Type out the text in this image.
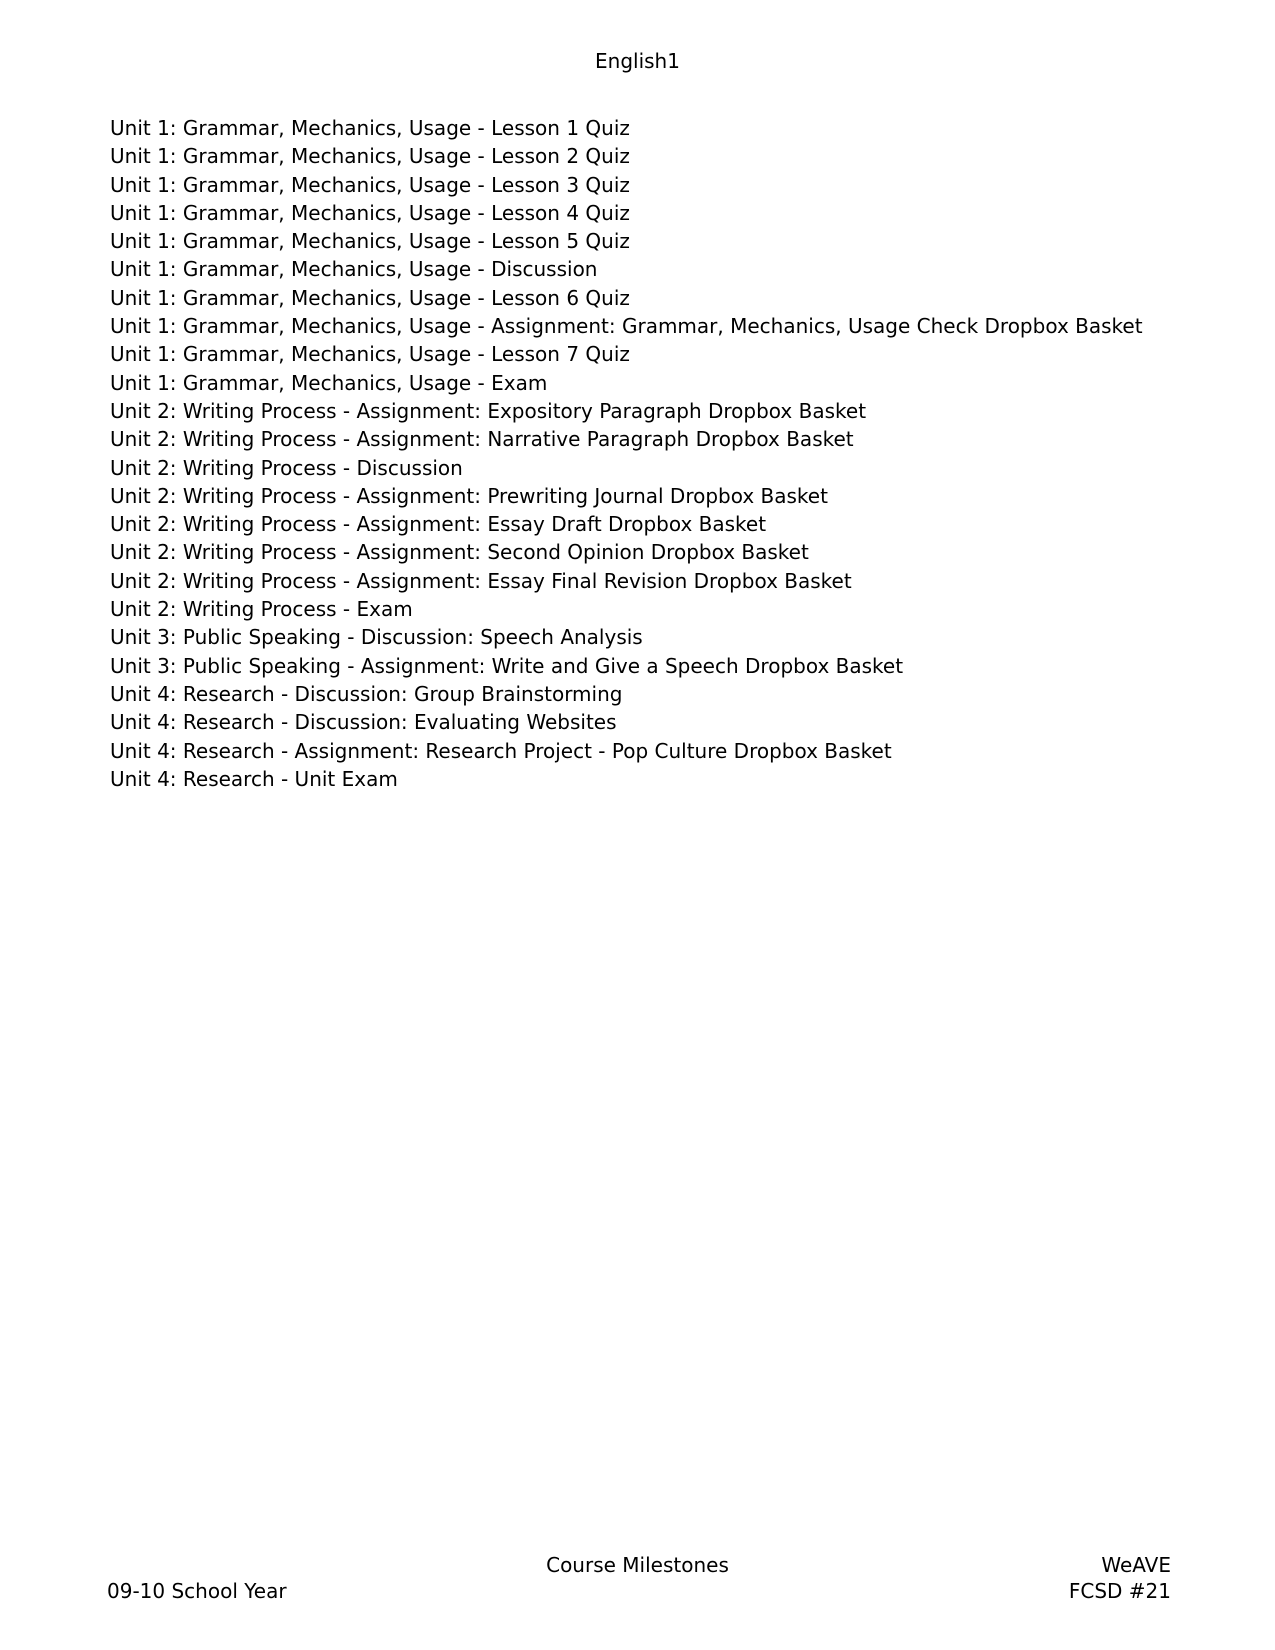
English1
Unit 1: Grammar, Mechanics, Usage - Lesson 1 Quiz
Unit 1: Grammar, Mechanics, Usage - Lesson 2 Quiz
Unit 1: Grammar, Mechanics, Usage - Lesson 3 Quiz
Unit 1: Grammar, Mechanics, Usage - Lesson 4 Quiz
Unit 1: Grammar, Mechanics, Usage - Lesson 5 Quiz
Unit 1: Grammar, Mechanics, Usage - Discussion
Unit 1: Grammar, Mechanics, Usage - Lesson 6 Quiz
Unit 1: Grammar, Mechanics, Usage - Assignment: Grammar, Mechanics, Usage Check Dropbox Basket
Unit 1: Grammar, Mechanics, Usage - Lesson 7 Quiz
Unit 1: Grammar, Mechanics, Usage - Exam
Unit 2: Writing Process - Assignment: Expository Paragraph Dropbox Basket
Unit 2: Writing Process - Assignment: Narrative Paragraph Dropbox Basket
Unit 2: Writing Process - Discussion
Unit 2: Writing Process - Assignment: Prewriting Journal Dropbox Basket
Unit 2: Writing Process - Assignment: Essay Draft Dropbox Basket
Unit 2: Writing Process - Assignment: Second Opinion Dropbox Basket
Unit 2: Writing Process - Assignment: Essay Final Revision Dropbox Basket
Unit 2: Writing Process - Exam
Unit 3: Public Speaking - Discussion: Speech Analysis
Unit 3: Public Speaking - Assignment: Write and Give a Speech Dropbox Basket
Unit 4: Research - Discussion: Group Brainstorming
Unit 4: Research - Discussion: Evaluating Websites
Unit 4: Research - Assignment: Research Project - Pop Culture Dropbox Basket
Unit 4: Research - Unit Exam
Course Milestones
09-10 School Year
WeAVE
FCSD #21
